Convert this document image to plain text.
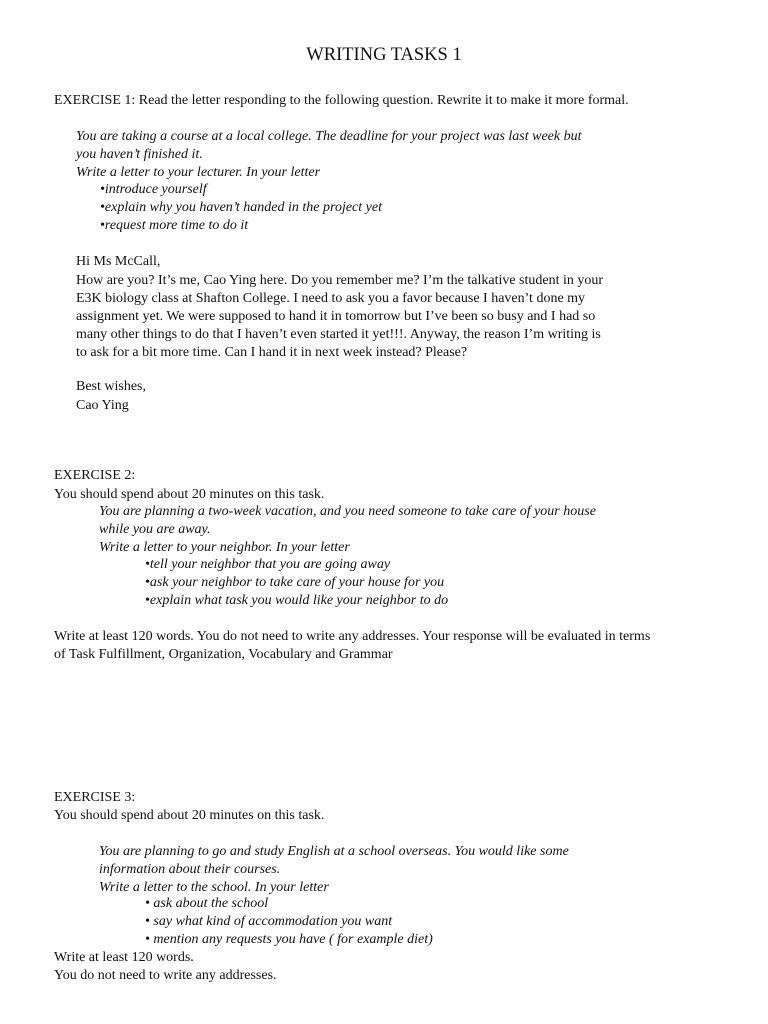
WRITING TASKS 1
EXERCISE 1: Read the letter responding to the following question. Rewrite it to make it more formal.
You are taking a course at a local college. The deadline for your project was last week but
you haven’t finished it.
Write a letter to your lecturer. In your letter
•introduce yourself
•explain why you haven’t handed in the project yet
•request more time to do it
Hi Ms McCall,
How are you? It’s me, Cao Ying here. Do you remember me? I’m the talkative student in your
E3K biology class at Shafton College. I need to ask you a favor because I haven’t done my
assignment yet. We were supposed to hand it in tomorrow but I’ve been so busy and I had so
many other things to do that I haven’t even started it yet!!!. Anyway, the reason I’m writing is
to ask for a bit more time. Can I hand it in next week instead? Please?
Best wishes,
Cao Ying
EXERCISE 2:
You should spend about 20 minutes on this task.
You are planning a two-week vacation, and you need someone to take care of your house
while you are away.
Write a letter to your neighbor. In your letter
•tell your neighbor that you are going away
•ask your neighbor to take care of your house for you
•explain what task you would like your neighbor to do
Write at least 120 words. You do not need to write any addresses. Your response will be evaluated in terms
of Task Fulfillment, Organization, Vocabulary and Grammar
EXERCISE 3:
You should spend about 20 minutes on this task.
You are planning to go and study English at a school overseas. You would like some
information about their courses.
Write a letter to the school. In your letter
• ask about the school
• say what kind of accommodation you want
• mention any requests you have ( for example diet)
Write at least 120 words.
You do not need to write any addresses.
